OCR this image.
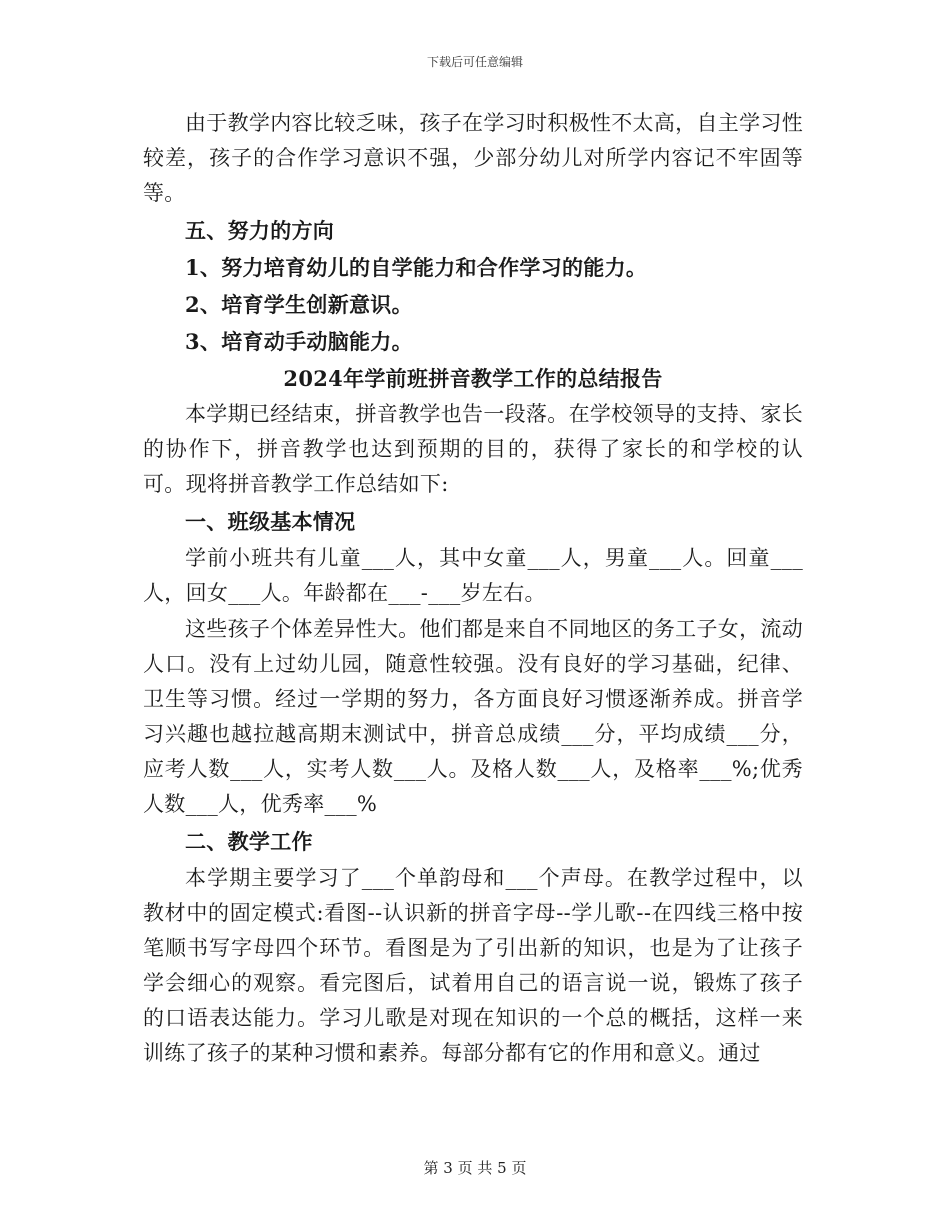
下载后可任意编辑

由于教学内容比较乏味，孩子在学习时积极性不太高，自主学习性较差，孩子的合作学习意识不强，少部分幼儿对所学内容记不牢固等等。

五、努力的方向

1、努力培育幼儿的自学能力和合作学习的能力。

2、培育学生创新意识。

3、培育动手动脑能力。

2024年学前班拼音教学工作的总结报告

本学期已经结束，拼音教学也告一段落。在学校领导的支持、家长的协作下，拼音教学也达到预期的目的，获得了家长的和学校的认可。现将拼音教学工作总结如下:

一、班级基本情况

学前小班共有儿童___人，其中女童___人，男童___人。回童___人，回女___人。年龄都在___-___岁左右。

这些孩子个体差异性大。他们都是来自不同地区的务工子女，流动人口。没有上过幼儿园，随意性较强。没有良好的学习基础，纪律、卫生等习惯。经过一学期的努力，各方面良好习惯逐渐养成。拼音学习兴趣也越拉越高期末测试中，拼音总成绩___分，平均成绩___分，应考人数___人，实考人数___人。及格人数___人，及格率___%;优秀人数___人，优秀率___%

二、教学工作

本学期主要学习了___个单韵母和___个声母。在教学过程中，以教材中的固定模式:看图--认识新的拼音字母--学儿歌--在四线三格中按笔顺书写字母四个环节。看图是为了引出新的知识，也是为了让孩子学会细心的观察。看完图后，试着用自己的语言说一说，锻炼了孩子的口语表达能力。学习儿歌是对现在知识的一个总的概括，这样一来训练了孩子的某种习惯和素养。每部分都有它的作用和意义。通过

第 3 页 共 5 页
